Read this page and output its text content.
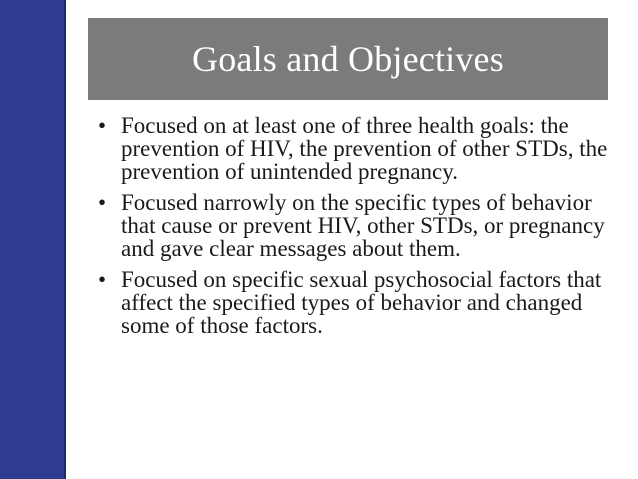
Goals and Objectives
• Focused on at least one of three health goals: the prevention of HIV, the prevention of other STDs, the prevention of unintended pregnancy.
• Focused narrowly on the specific types of behavior that cause or prevent HIV, other STDs, or pregnancy and gave clear messages about them.
• Focused on specific sexual psychosocial factors that affect the specified types of behavior and changed some of those factors.
